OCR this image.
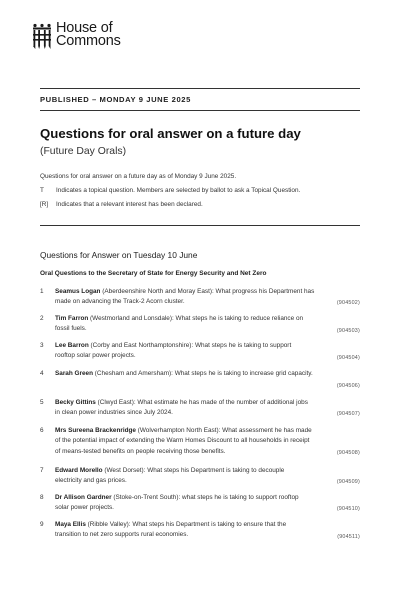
House of
Commons
PUBLISHED – MONDAY 9 JUNE 2025
Questions for oral answer on a future day
(Future Day Orals)
Questions for oral answer on a future day as of Monday 9 June 2025.
T Indicates a topical question. Members are selected by ballot to ask a Topical Question.
[R] Indicates that a relevant interest has been declared.
Questions for Answer on Tuesday 10 June
Oral Questions to the Secretary of State for Energy Security and Net Zero
1	Seamus Logan (Aberdeenshire North and Moray East): What progress his Department has
made on advancing the Track-2 Acorn cluster.	(904502)
2	Tim Farron (Westmorland and Lonsdale): What steps he is taking to reduce reliance on
fossil fuels.	(904503)
3	Lee Barron (Corby and East Northamptonshire): What steps he is taking to support
rooftop solar power projects.	(904504)
4	Sarah Green (Chesham and Amersham): What steps he is taking to increase grid capacity.
(904506)
5	Becky Gittins (Clwyd East): What estimate he has made of the number of additional jobs
in clean power industries since July 2024.	(904507)
6	Mrs Sureena Brackenridge (Wolverhampton North East): What assessment he has made
of the potential impact of extending the Warm Homes Discount to all households in receipt
of means-tested benefits on people receiving those benefits.	(904508)
7	Edward Morello (West Dorset): What steps his Department is taking to decouple
electricity and gas prices.	(904509)
8	Dr Allison Gardner (Stoke-on-Trent South): what steps he is taking to support rooftop
solar power projects.	(904510)
9	Maya Ellis (Ribble Valley): What steps his Department is taking to ensure that the
transition to net zero supports rural economies.	(904511)
